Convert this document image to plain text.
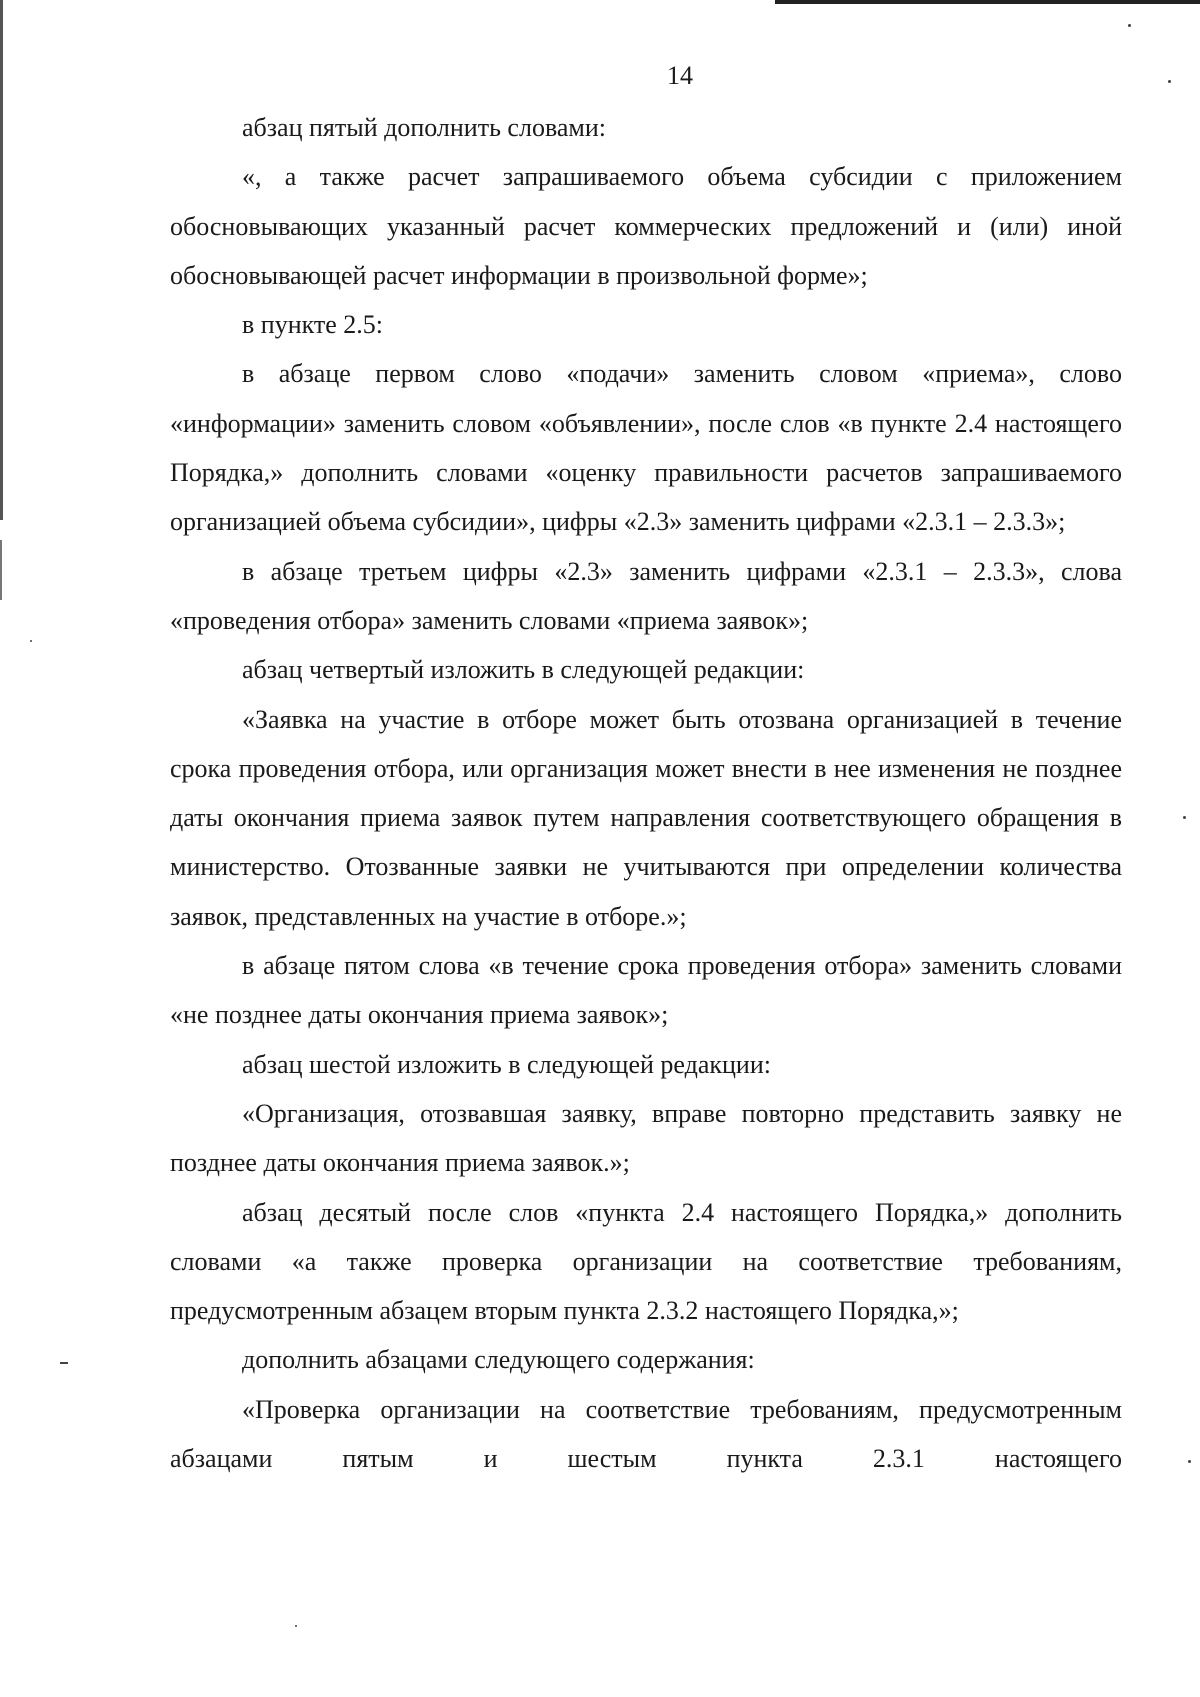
14

абзац пятый дополнить словами:

«, а также расчет запрашиваемого объема субсидии с приложением обосновывающих указанный расчет коммерческих предложений и (или) иной обосновывающей расчет информации в произвольной форме»;

в пункте 2.5:

в абзаце первом слово «подачи» заменить словом «приема», слово «информации» заменить словом «объявлении», после слов «в пункте 2.4 настоящего Порядка,» дополнить словами «оценку правильности расчетов запрашиваемого организацией объема субсидии», цифры «2.3» заменить цифрами «2.3.1 – 2.3.3»;

в абзаце третьем цифры «2.3» заменить цифрами «2.3.1 – 2.3.3», слова «проведения отбора» заменить словами «приема заявок»;

абзац четвертый изложить в следующей редакции:

«Заявка на участие в отборе может быть отозвана организацией в течение срока проведения отбора, или организация может внести в нее изменения не позднее даты окончания приема заявок путем направления соответствующего обращения в министерство. Отозванные заявки не учитываются при определении количества заявок, представленных на участие в отборе.»;

в абзаце пятом слова «в течение срока проведения отбора» заменить словами «не позднее даты окончания приема заявок»;

абзац шестой изложить в следующей редакции:

«Организация, отозвавшая заявку, вправе повторно представить заявку не позднее даты окончания приема заявок.»;

абзац десятый после слов «пункта 2.4 настоящего Порядка,» дополнить словами «а также проверка организации на соответствие требованиям, предусмотренным абзацем вторым пункта 2.3.2 настоящего Порядка,»;

дополнить абзацами следующего содержания:

«Проверка организации на соответствие требованиям, предусмотренным абзацами пятым и шестым пункта 2.3.1 настоящего
